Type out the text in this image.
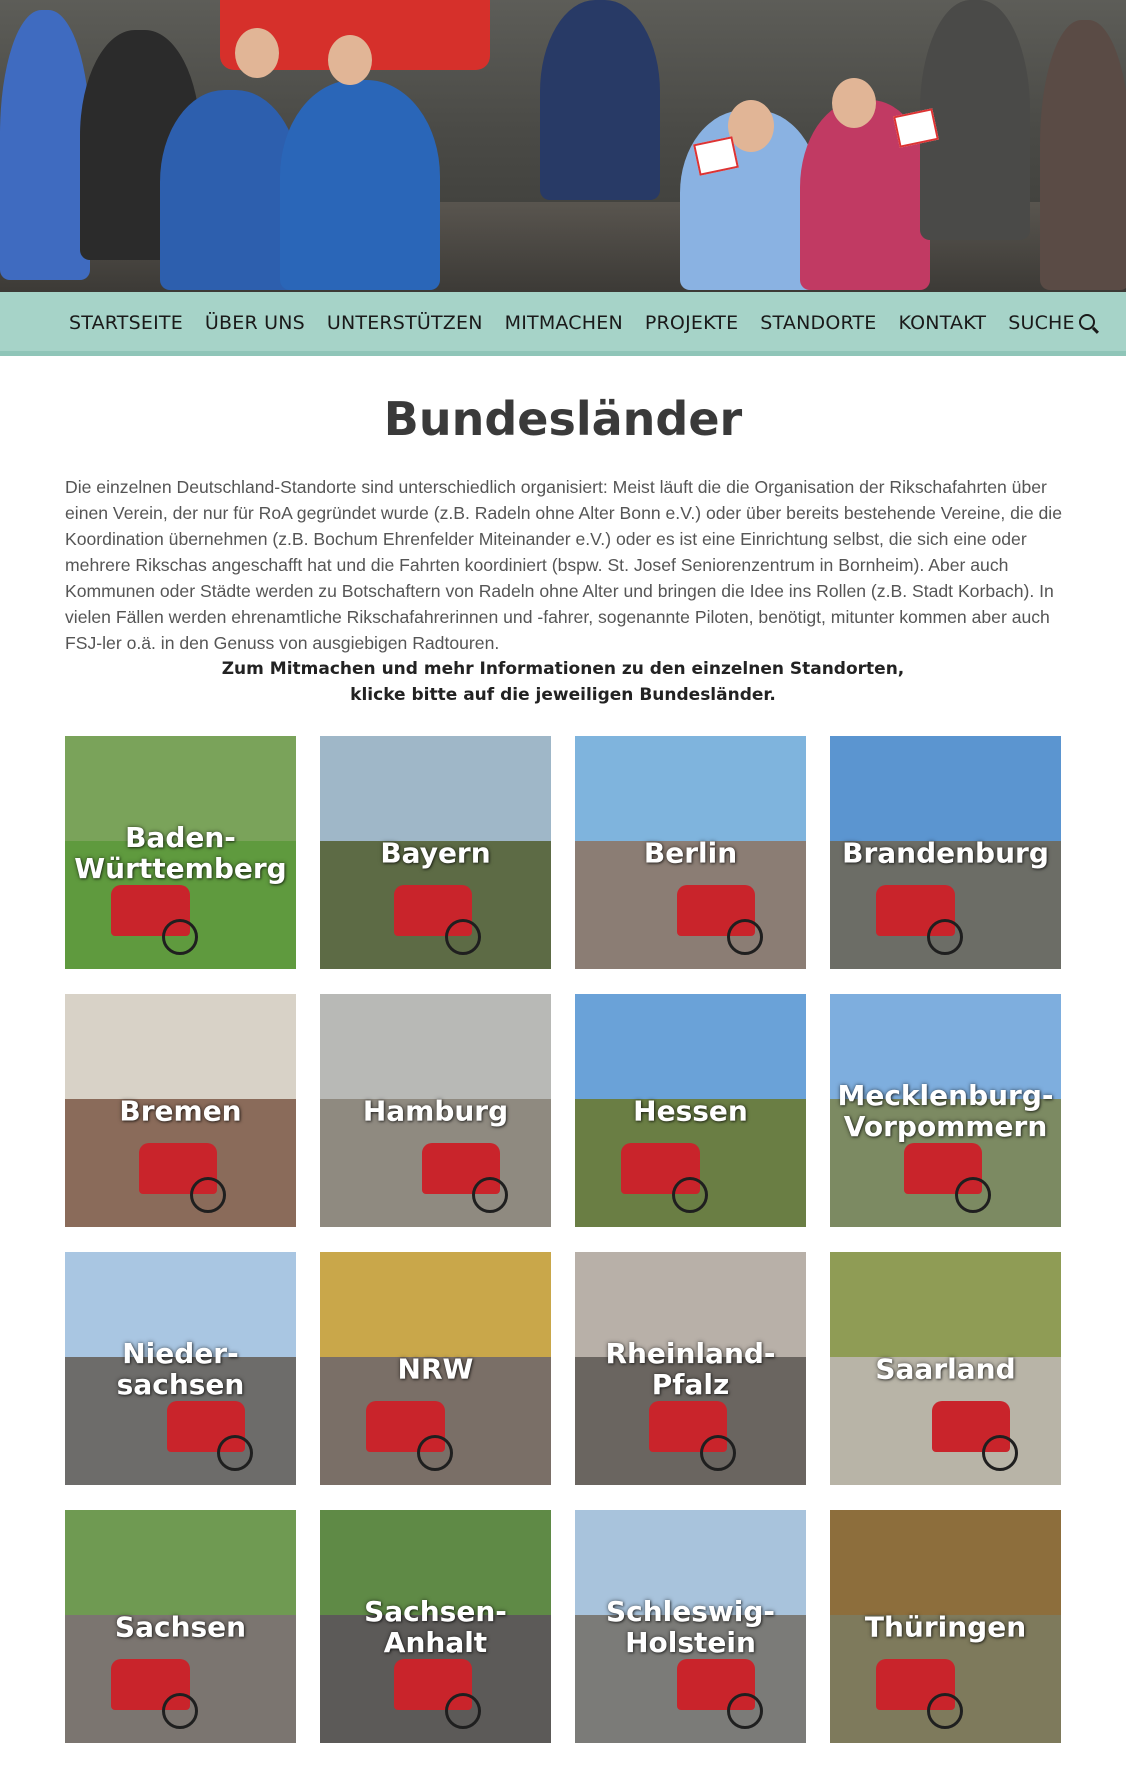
STARTSEITE ÜBER UNS UNTERSTÜTZEN MITMACHEN PROJEKTE STANDORTE KONTAKT SUCHE
Bundesländer

Die einzelnen Deutschland-Standorte sind unterschiedlich organisiert: Meist läuft die die Organisation der Rikschafahrten über einen Verein, der nur für RoA gegründet wurde (z.B. Radeln ohne Alter Bonn e.V.) oder über bereits bestehende Vereine, die die Koordination übernehmen (z.B. Bochum Ehrenfelder Miteinander e.V.) oder es ist eine Einrichtung selbst, die sich eine oder mehrere Rikschas angeschafft hat und die Fahrten koordiniert (bspw. St. Josef Seniorenzentrum in Bornheim). Aber auch Kommunen oder Städte werden zu Botschaftern von Radeln ohne Alter und bringen die Idee ins Rollen (z.B. Stadt Korbach). In vielen Fällen werden ehrenamtliche Rikschafahrerinnen und -fahrer, sogenannte Piloten, benötigt, mitunter kommen aber auch FSJ-ler o.ä. in den Genuss von ausgiebigen Radtouren.

Zum Mitmachen und mehr Informationen zu den einzelnen Standorten,
klicke bitte auf die jeweiligen Bundesländer.
Baden-
Württemberg	Bayern	Berlin	Brandenburg
Bremen	Hamburg	Hessen	Mecklenburg-
Vorpommern
Nieder-
sachsen	NRW	Rheinland-
Pfalz	Saarland
Sachsen	Sachsen-
Anhalt
Schleswig-
Holstein	Thüringen
